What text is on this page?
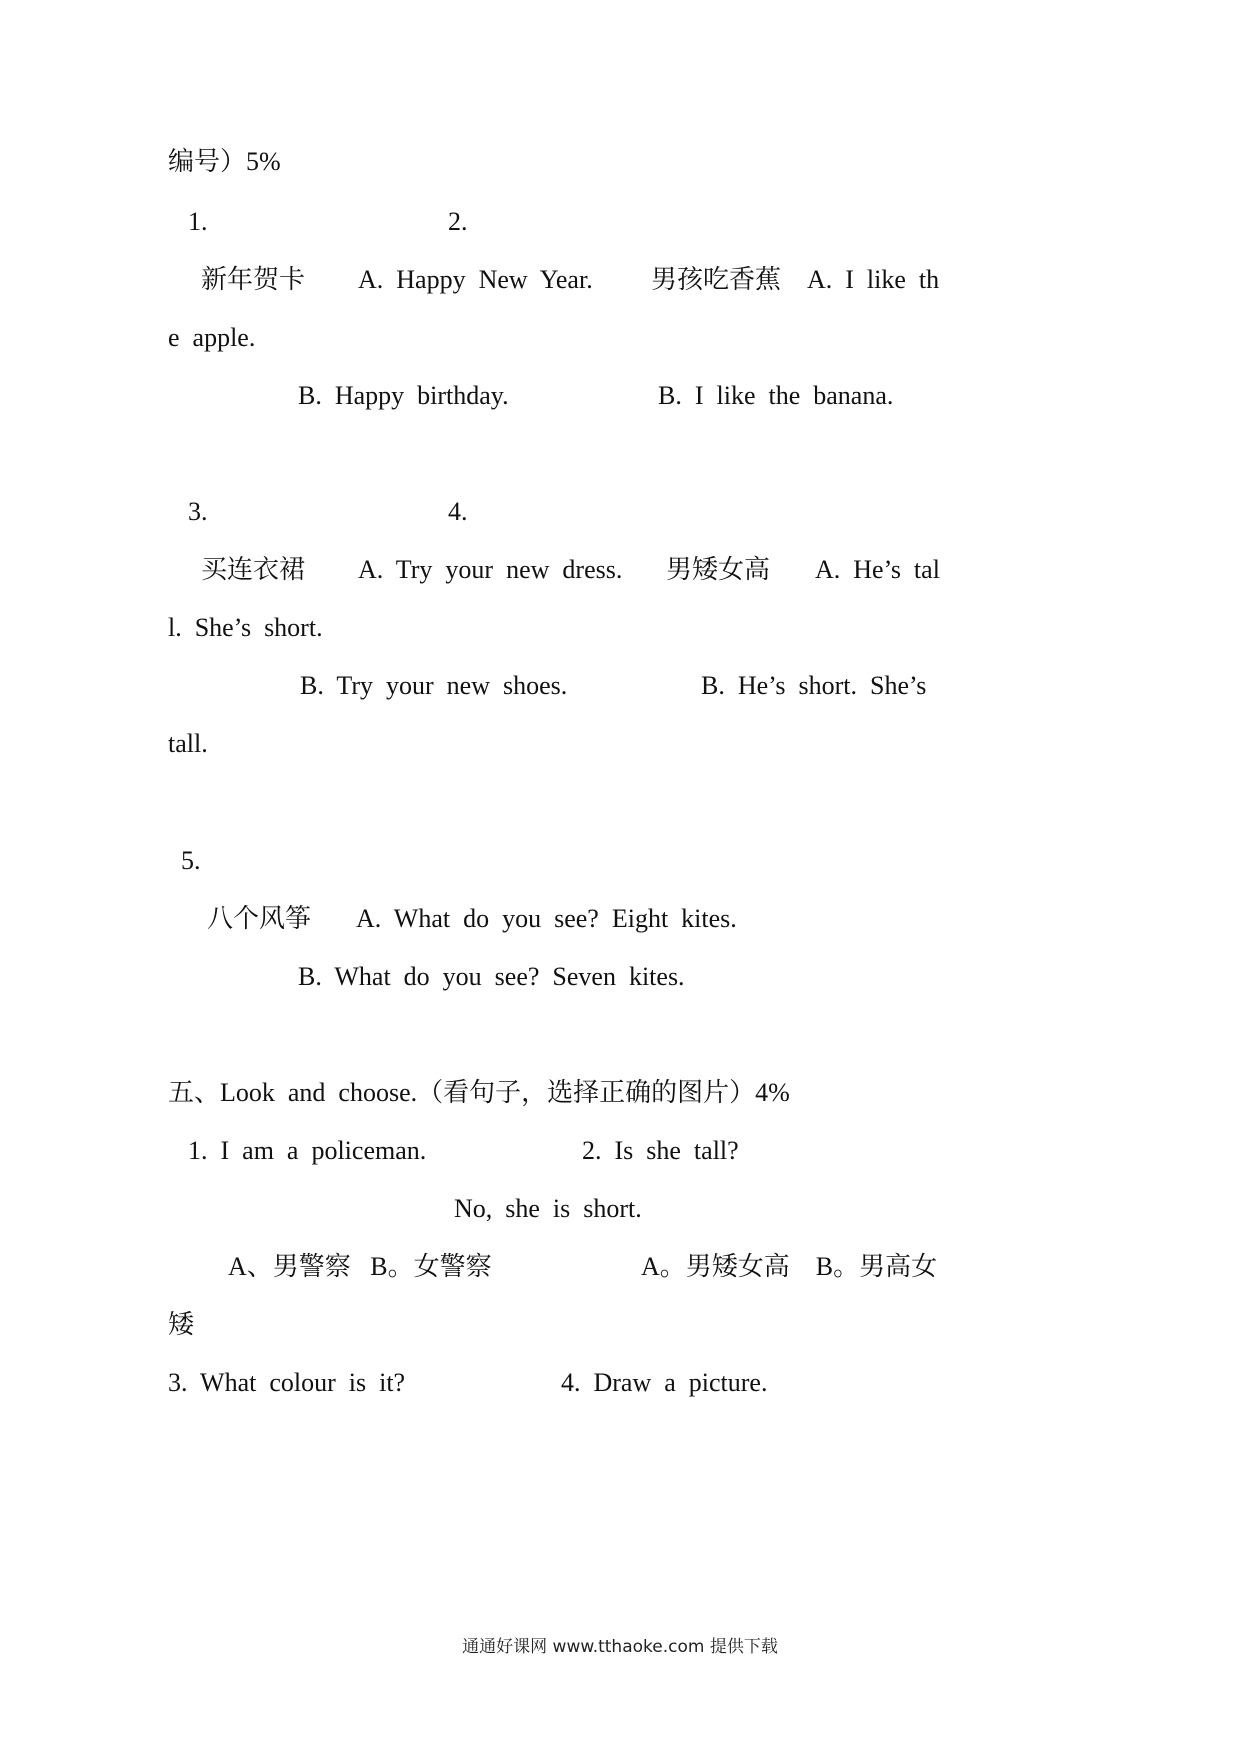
编号）5%
1.	2.
新年贺卡 A.  Happy  New  Year. 男孩吃香蕉 A.  I  like  th
e  apple.
B.  Happy  birthday.	B.  I  like  the  banana.
3.	4.
买连衣裙 A.  Try  your  new  dress. 男矮女高 A.  He’s  tal
l.  She’s  short.
B.  Try  your  new  shoes.	B.  He’s  short.  She’s
tall.
5.
八个风筝 A.  What  do  you  see?  Eight  kites.
B.  What  do  you  see?  Seven  kites.
五、Look  and  choose.（看句子，选择正确的图片）4%
1.  I  am  a  policeman.	2.  Is  she  tall?
No,  she  is  short.
A、男警察   B。女警察	A。男矮女高    B。男高女
矮
3.  What  colour  is  it?	4.  Draw  a  picture.
通通好课网 www.tthaoke.com 提供下载
